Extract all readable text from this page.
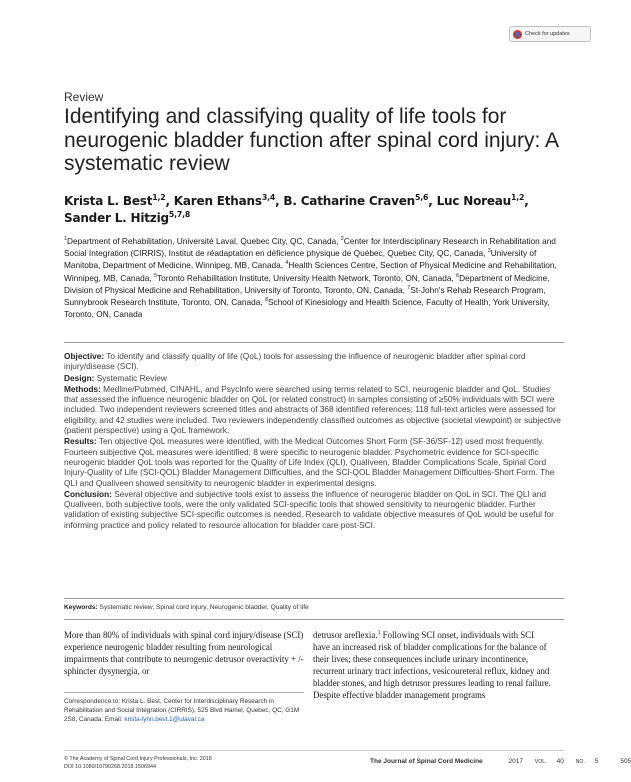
Check for updates
Review
Identifying and classifying quality of life tools for neurogenic bladder function after spinal cord injury: A systematic review
Krista L. Best$^{1,2}$, Karen Ethans$^{3,4}$, B. Catharine Craven$^{5,6}$, Luc Noreau$^{1,2}$,
Sander L. Hitzig$^{5,7,8}$

$^1$Department of Rehabilitation, Université Laval, Quebec City, QC, Canada, $^2$Center for Interdisciplinary Research in Rehabilitation and Social Integration (CIRRIS), Institut de réadaptation en déficience physique de Québec, Quebec City, QC, Canada, $^3$University of Manitoba, Department of Medicine, Winnipeg, MB, Canada, $^4$Health Sciences Centre, Section of Physical Medicine and Rehabilitation, Winnipeg, MB, Canada, $^5$Toronto Rehabilitation Institute, University Health Network, Toronto, ON, Canada, $^6$Department of Medicine, Division of Physical Medicine and Rehabilitation, University of Toronto, Toronto, ON, Canada, $^7$St-John's Rehab Research Program, Sunnybrook Research Institute, Toronto, ON, Canada, $^8$School of Kinesiology and Health Science, Faculty of Health, York University, Toronto, ON, Canada

Objective: To identify and classify quality of life (QoL) tools for assessing the influence of neurogenic bladder after spinal cord injury/disease (SCI).

Design: Systematic Review

Methods: Medline/Pubmed, CINAHL, and PsycInfo were searched using terms related to SCI, neurogenic bladder and QoL. Studies that assessed the influence neurogenic bladder on QoL (or related construct) in samples consisting of ≥50% individuals with SCI were included. Two independent reviewers screened titles and abstracts of 368 identified references; 118 full-text articles were assessed for eligibility, and 42 studies were included. Two reviewers independently classified outcomes as objective (societal viewpoint) or subjective (patient perspective) using a QoL framework.

Results: Ten objective QoL measures were identified, with the Medical Outcomes Short Form (SF-36/SF-12) used most frequently. Fourteen subjective QoL measures were identified; 8 were specific to neurogenic bladder. Psychometric evidence for SCI-specific neurogenic bladder QoL tools was reported for the Quality of Life Index (QLI), Qualiveen, Bladder Complications Scale, Spinal Cord Injury-Quality of Life (SCI-QOL) Bladder Management Difficulties, and the SCI-QOL Bladder Management Difficulties-Short Form. The QLI and Qualiveen showed sensitivity to neurogenic bladder in experimental designs.

Conclusion: Several objective and subjective tools exist to assess the influence of neurogenic bladder on QoL in SCI. The QLI and Qualiveen, both subjective tools, were the only validated SCI-specific tools that showed sensitivity to neurogenic bladder. Further validation of existing subjective SCI-specific outcomes is needed. Research to validate objective measures of QoL would be useful for informing practice and policy related to resource allocation for bladder care post-SCI.

Keywords: Systematic review, Spinal cord injury, Neurogenic bladder, Quality of life
More than 80% of individuals with spinal cord injury/disease (SCI) experience neurogenic bladder resulting from neurological impairments that contribute to neurogenic detrusor overactivity + /-sphincter dysynergia, or
detrusor areflexia.$^1$ Following SCI onset, individuals with SCI have an increased risk of bladder complications for the balance of their lives; these consequences include urinary incontinence, recurrent urinary tract infections, vesicoureteral reflux, kidney and bladder stones, and high detrusor pressures leading to renal failure. Despite effective bladder management programs
Correspondence to: Krista L. Best, Center for Interdisciplinary Research in Rehabilitation and Social Integration (CIRRIS), 525 Blvd Hamel, Quebec, QC, G1M 2S8, Canada. Email: krista-lynn.best.1@ulaval.ca
© The Academy of Spinal Cord Injury Professionals, Inc. 2018
DOI 10.1080/10790268.2018.1506944
The Journal of Spinal Cord Medicine	2017 VOL. 40 NO. 5	505
